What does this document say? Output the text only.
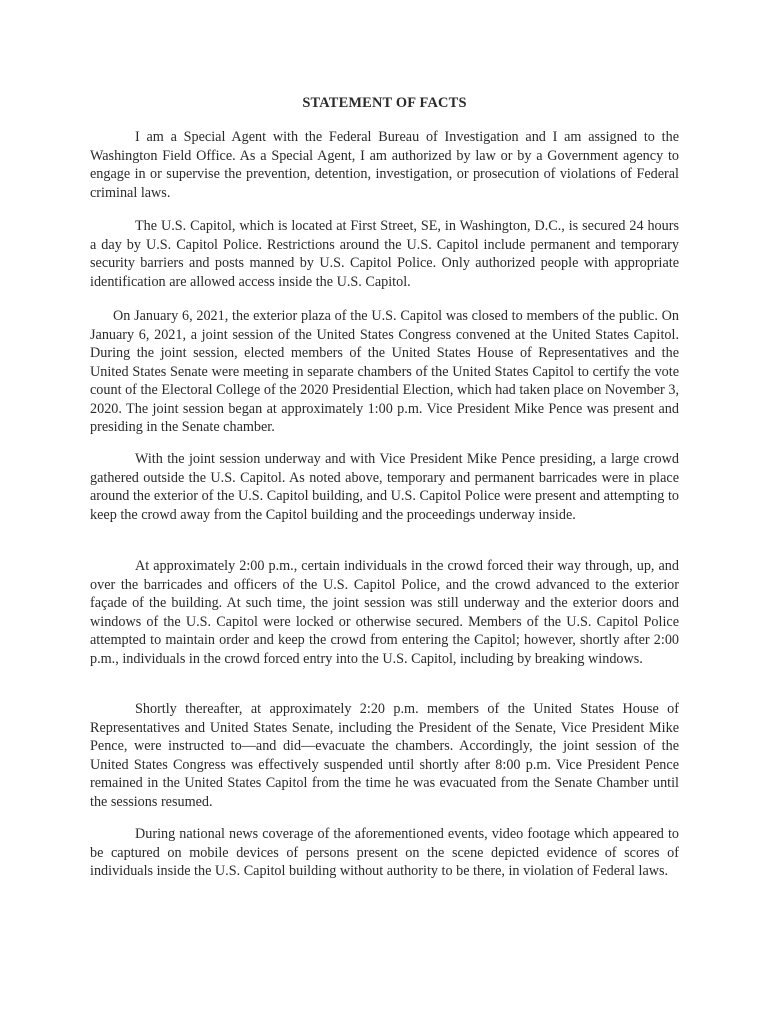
STATEMENT OF FACTS

I am a Special Agent with the Federal Bureau of Investigation and I am assigned to the Washington Field Office. As a Special Agent, I am authorized by law or by a Government agency to engage in or supervise the prevention, detention, investigation, or prosecution of violations of Federal criminal laws.

The U.S. Capitol, which is located at First Street, SE, in Washington, D.C., is secured 24 hours a day by U.S. Capitol Police. Restrictions around the U.S. Capitol include permanent and temporary security barriers and posts manned by U.S. Capitol Police. Only authorized people with appropriate identification are allowed access inside the U.S. Capitol.

On January 6, 2021, the exterior plaza of the U.S. Capitol was closed to members of the public. On January 6, 2021, a joint session of the United States Congress convened at the United States Capitol. During the joint session, elected members of the United States House of Representatives and the United States Senate were meeting in separate chambers of the United States Capitol to certify the vote count of the Electoral College of the 2020 Presidential Election, which had taken place on November 3, 2020. The joint session began at approximately 1:00 p.m. Vice President Mike Pence was present and presiding in the Senate chamber.

With the joint session underway and with Vice President Mike Pence presiding, a large crowd gathered outside the U.S. Capitol. As noted above, temporary and permanent barricades were in place around the exterior of the U.S. Capitol building, and U.S. Capitol Police were present and attempting to keep the crowd away from the Capitol building and the proceedings underway inside.

At approximately 2:00 p.m., certain individuals in the crowd forced their way through, up, and over the barricades and officers of the U.S. Capitol Police, and the crowd advanced to the exterior façade of the building. At such time, the joint session was still underway and the exterior doors and windows of the U.S. Capitol were locked or otherwise secured. Members of the U.S. Capitol Police attempted to maintain order and keep the crowd from entering the Capitol; however, shortly after 2:00 p.m., individuals in the crowd forced entry into the U.S. Capitol, including by breaking windows.

Shortly thereafter, at approximately 2:20 p.m. members of the United States House of Representatives and United States Senate, including the President of the Senate, Vice President Mike Pence, were instructed to—and did—evacuate the chambers. Accordingly, the joint session of the United States Congress was effectively suspended until shortly after 8:00 p.m. Vice President Pence remained in the United States Capitol from the time he was evacuated from the Senate Chamber until the sessions resumed.

During national news coverage of the aforementioned events, video footage which appeared to be captured on mobile devices of persons present on the scene depicted evidence of scores of individuals inside the U.S. Capitol building without authority to be there, in violation of Federal laws.
